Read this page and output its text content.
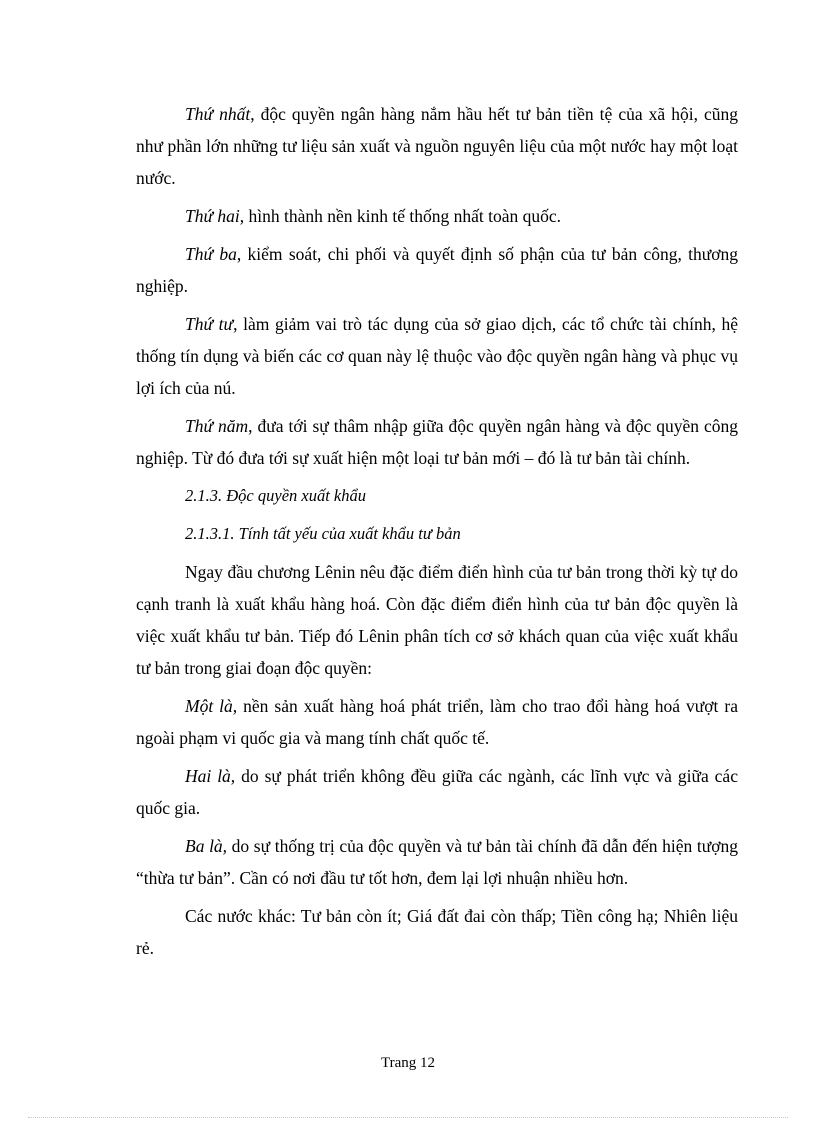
Thứ nhất, độc quyền ngân hàng nắm hầu hết tư bản tiền tệ của xã hội, cũng như phần lớn những tư liệu sản xuất và nguồn nguyên liệu của một nước hay một loạt nước.

Thứ hai, hình thành nền kinh tế thống nhất toàn quốc.

Thứ ba, kiểm soát, chi phối và quyết định số phận của tư bản công, thương nghiệp.

Thứ tư, làm giảm vai trò tác dụng của sở giao dịch, các tổ chức tài chính, hệ thống tín dụng và biến các cơ quan này lệ thuộc vào độc quyền ngân hàng và phục vụ lợi ích của nú.

Thứ năm, đưa tới sự thâm nhập giữa độc quyền ngân hàng và độc quyền công nghiệp. Từ đó đưa tới sự xuất hiện một loại tư bản mới – đó là tư bản tài chính.

2.1.3. Độc quyền xuất khẩu

2.1.3.1. Tính tất yếu của xuất khẩu tư bản

Ngay đầu chương Lênin nêu đặc điểm điển hình của tư bản trong thời kỳ tự do cạnh tranh là xuất khẩu hàng hoá. Còn đặc điểm điển hình của tư bản độc quyền là việc xuất khẩu tư bản. Tiếp đó Lênin phân tích cơ sở khách quan của việc xuất khẩu tư bản trong giai đoạn độc quyền:

Một là, nền sản xuất hàng hoá phát triển, làm cho trao đổi hàng hoá vượt ra ngoài phạm vi quốc gia và mang tính chất quốc tế.

Hai là, do sự phát triển không đều giữa các ngành, các lĩnh vực và giữa các quốc gia.

Ba là, do sự thống trị của độc quyền và tư bản tài chính đã dẫn đến hiện tượng “thừa tư bản”. Cần có nơi đầu tư tốt hơn, đem lại lợi nhuận nhiều hơn.

Các nước khác: Tư bản còn ít; Giá đất đai còn thấp; Tiền công hạ; Nhiên liệu rẻ.

Trang 12
